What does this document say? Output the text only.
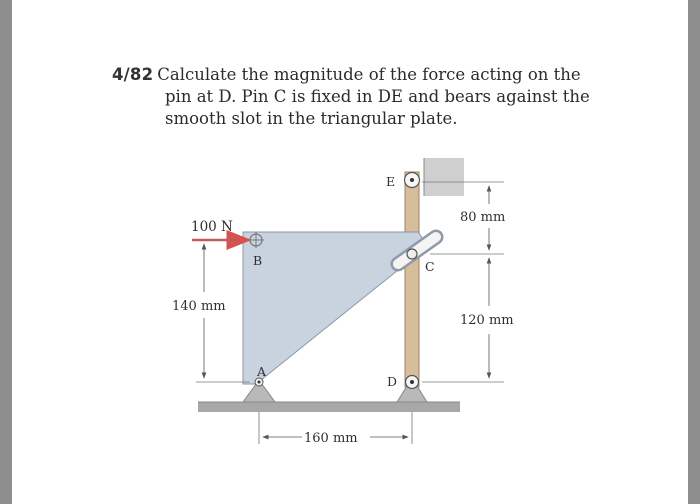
4/82 Calculate the magnitude of the force acting on the
pin at D. Pin C is fixed in DE and bears against the
smooth slot in the triangular plate.
100 N
B
A
C
D
E
80 mm
120 mm
140 mm
160 mm
